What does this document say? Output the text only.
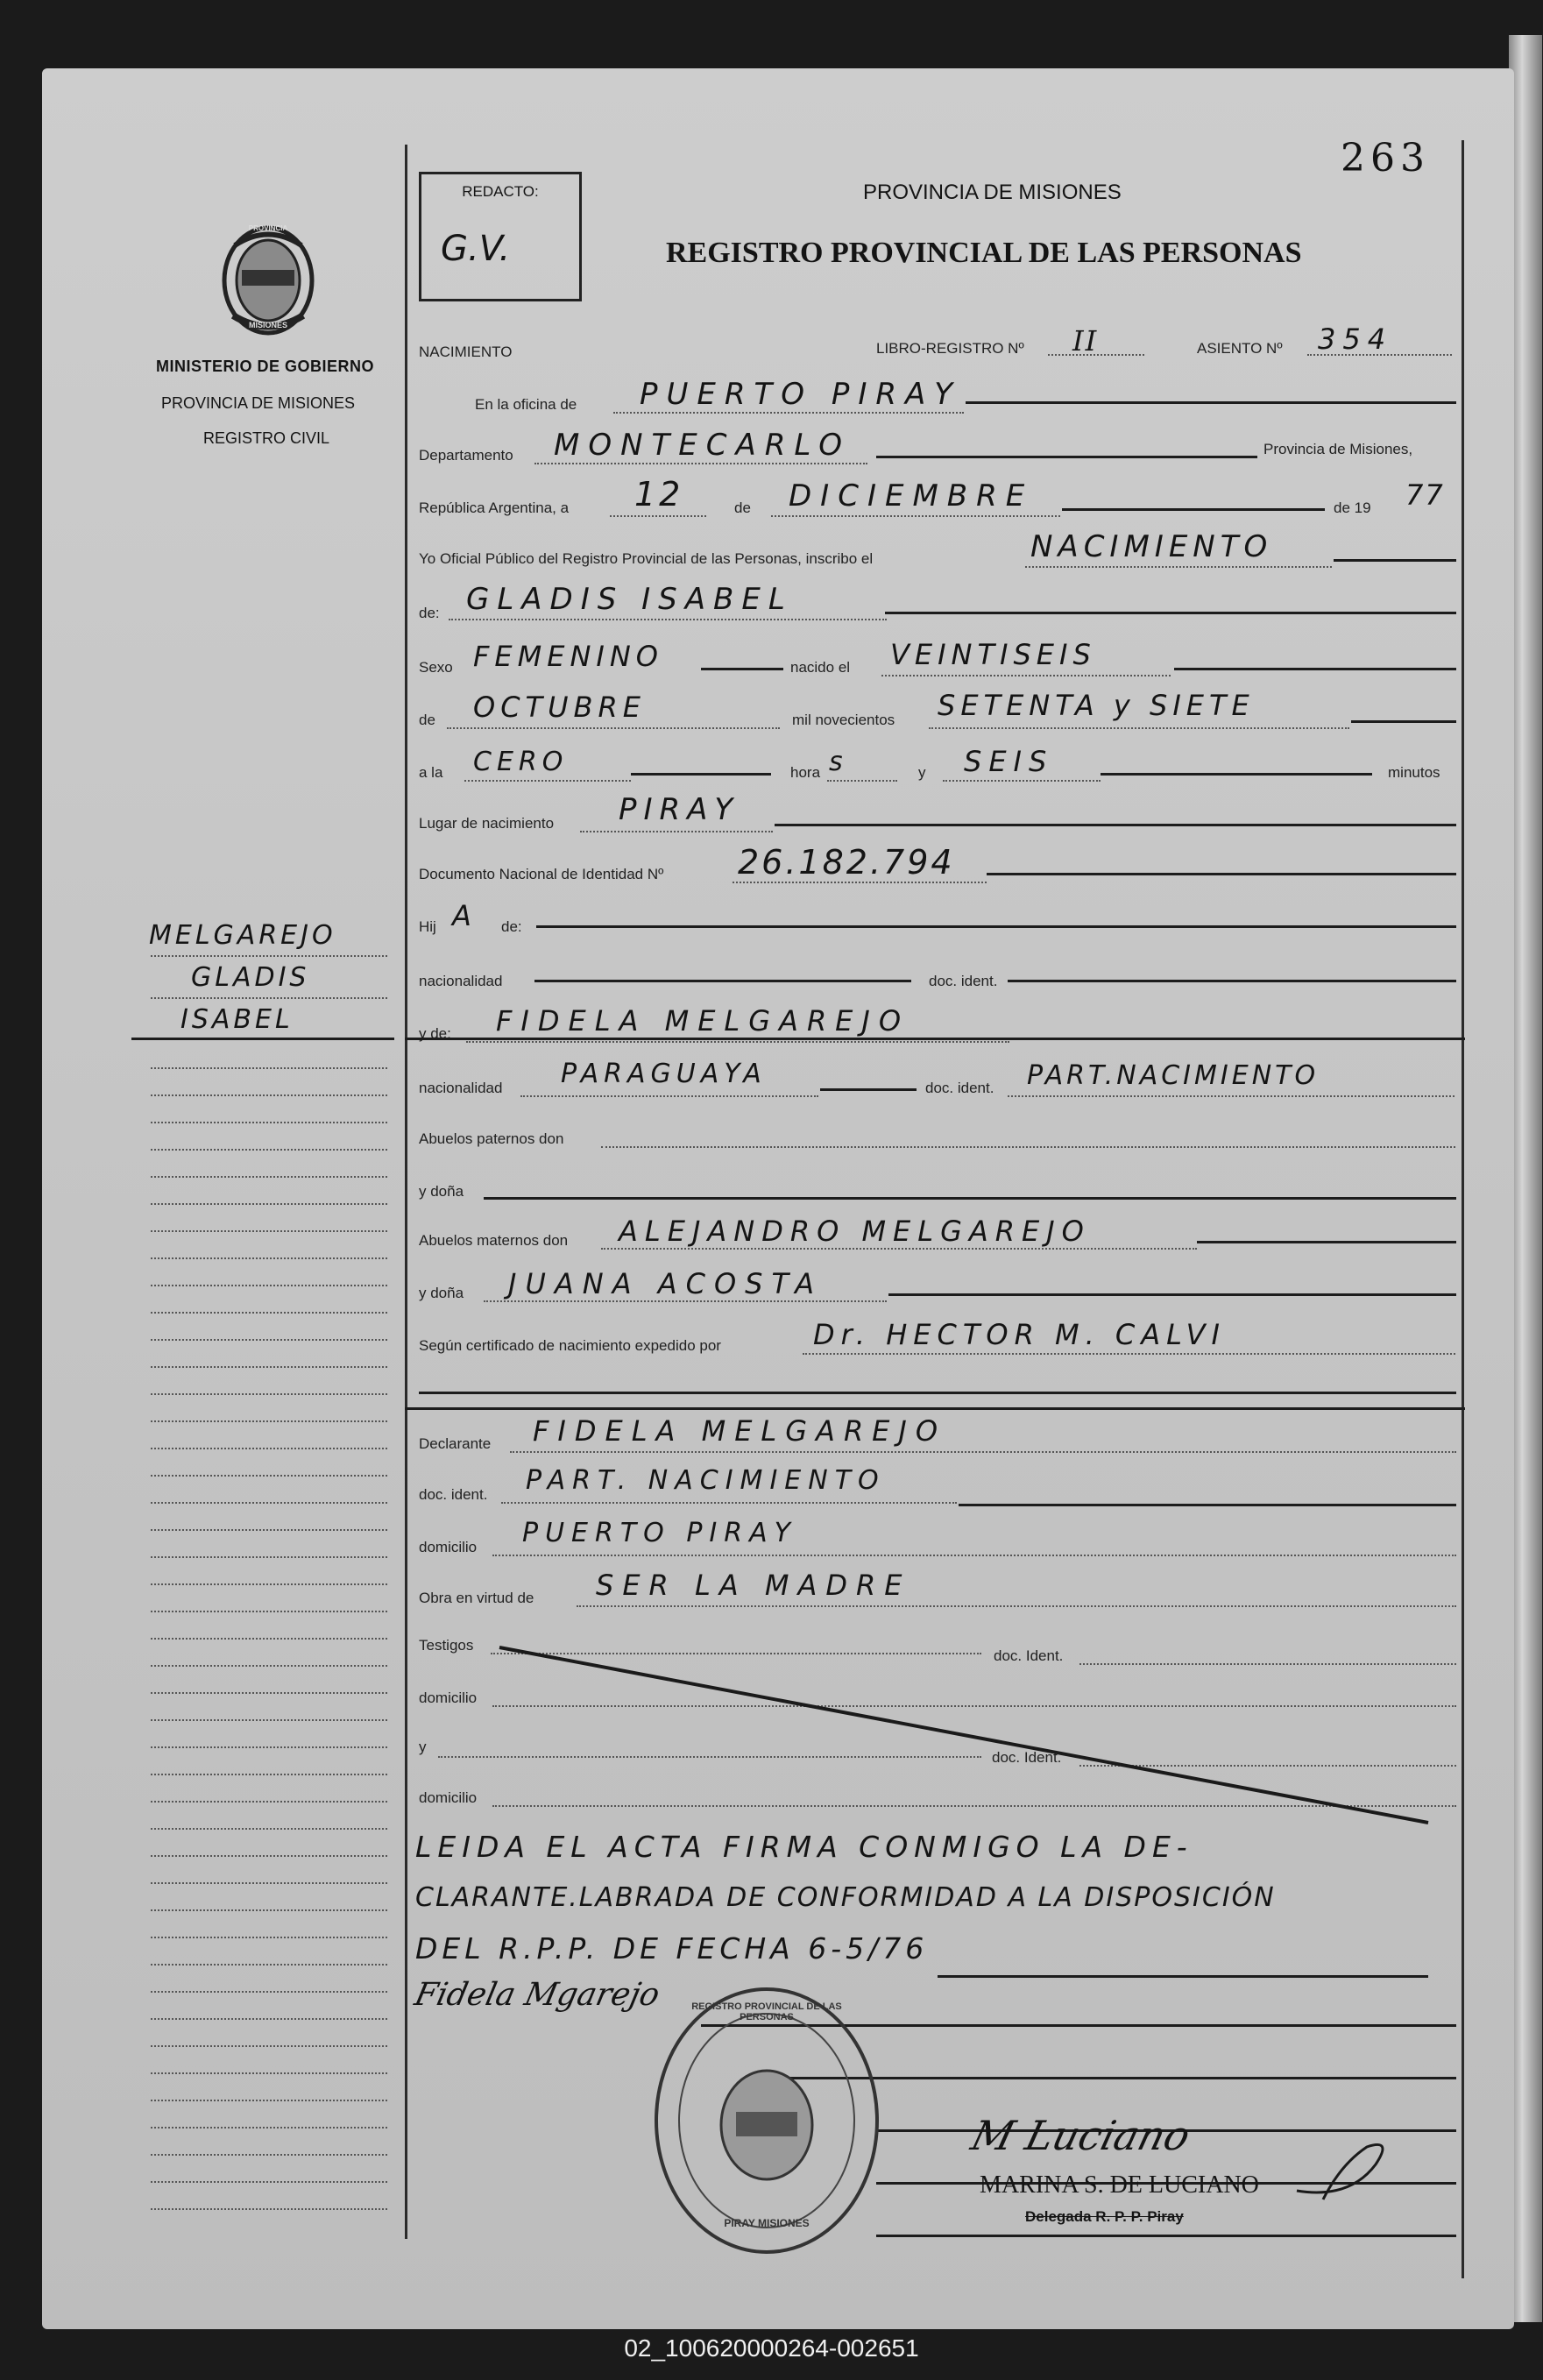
263
REDACTO:
G.V.
PROVINCIA DE MISIONES
REGISTRO PROVINCIAL DE LAS PERSONAS
PROVINCIA
MISIONES
MINISTERIO DE GOBIERNO
PROVINCIA DE MISIONES
REGISTRO CIVIL
MELGAREJO
GLADIS
ISABEL
NACIMIENTO	LIBRO-REGISTRO Nº II	ASIENTO Nº 354
En la oficina de PUERTO PIRAY
Departamento MONTECARLO	Provincia de Misiones,
República Argentina, a 12	de DICIEMBRE	de 19 77
Yo Oficial Público del Registro Provincial de las Personas, inscribo el	NACIMIENTO
de: GLADIS ISABEL
Sexo FEMENINO	nacido el VEINTISEIS
de OCTUBRE	mil novecientos SETENTA y SIETE
a la CERO	hora s	y SEIS	minutos
Lugar de nacimiento PIRAY
Documento Nacional de Identidad Nº 26.182.794
Hij A de:
nacionalidad	doc. ident.
y de: FIDELA MELGAREJO
nacionalidad PARAGUAYA	doc. ident. PART.NACIMIENTO
Abuelos paternos don
y doña
Abuelos maternos don ALEJANDRO MELGAREJO
y doña JUANA ACOSTA
Según certificado de nacimiento expedido por	Dr. HECTOR M. CALVI
Declarante FIDELA MELGAREJO
doc. ident. PART. NACIMIENTO
domicilio PUERTO PIRAY
Obra en virtud de SER LA MADRE
Testigos
doc. Ident.
domicilio
y
doc. Ident.
domicilio
LEIDA EL ACTA FIRMA CONMIGO LA DE-
CLARANTE.LABRADA DE CONFORMIDAD A LA DISPOSICIÓN
DEL R.P.P. DE FECHA 6-5/76
Fidela Mgarejo	REGISTRO PROVINCIAL DE LAS PERSONAS
PIRAY MISIONES
M Luciano
MARINA S. DE LUCIANO
Delegada R. P. P. Piray
02_100620000264-002651
